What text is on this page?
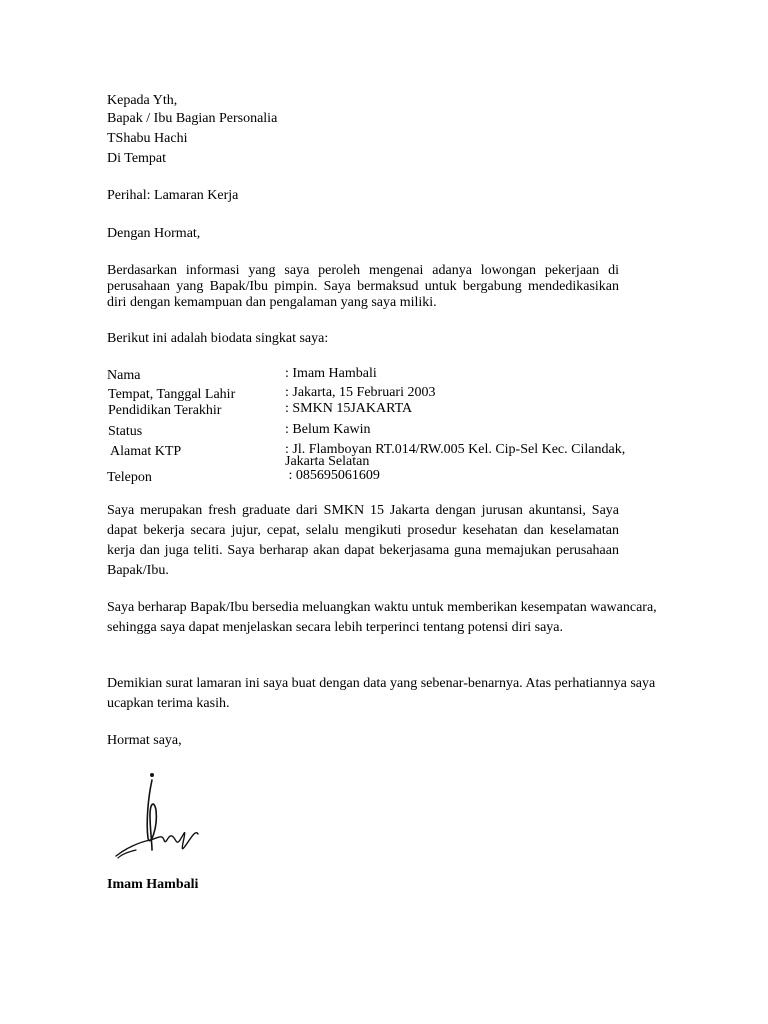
Kepada Yth,
Bapak / Ibu Bagian Personalia
TShabu Hachi
Di Tempat
Perihal: Lamaran Kerja
Dengan Hormat,
Berdasarkan informasi yang saya peroleh mengenai adanya lowongan pekerjaan di perusahaan yang Bapak/Ibu pimpin. Saya bermaksud untuk bergabung mendedikasikan diri dengan kemampuan dan pengalaman yang saya miliki.
Berikut ini adalah biodata singkat saya:
Nama	: Imam Hambali
Tempat, Tanggal Lahir	: Jakarta, 15 Februari 2003
Pendidikan Terakhir	: SMKN 15JAKARTA
Status	: Belum Kawin
Alamat KTP	: Jl. Flamboyan RT.014/RW.005 Kel. Cip-Sel Kec. Cilandak, Jakarta Selatan
Telepon	: 085695061609
Saya merupakan fresh graduate dari SMKN 15 Jakarta dengan jurusan akuntansi, Saya dapat bekerja secara jujur, cepat, selalu mengikuti prosedur kesehatan dan keselamatan kerja dan juga teliti. Saya berharap akan dapat bekerjasama guna memajukan perusahaan Bapak/Ibu.
Saya berharap Bapak/Ibu bersedia meluangkan waktu untuk memberikan kesempatan wawancara, sehingga saya dapat menjelaskan secara lebih terperinci tentang potensi diri saya.
Demikian surat lamaran ini saya buat dengan data yang sebenar-benarnya. Atas perhatiannya saya ucapkan terima kasih.
Hormat saya,
Imam Hambali
